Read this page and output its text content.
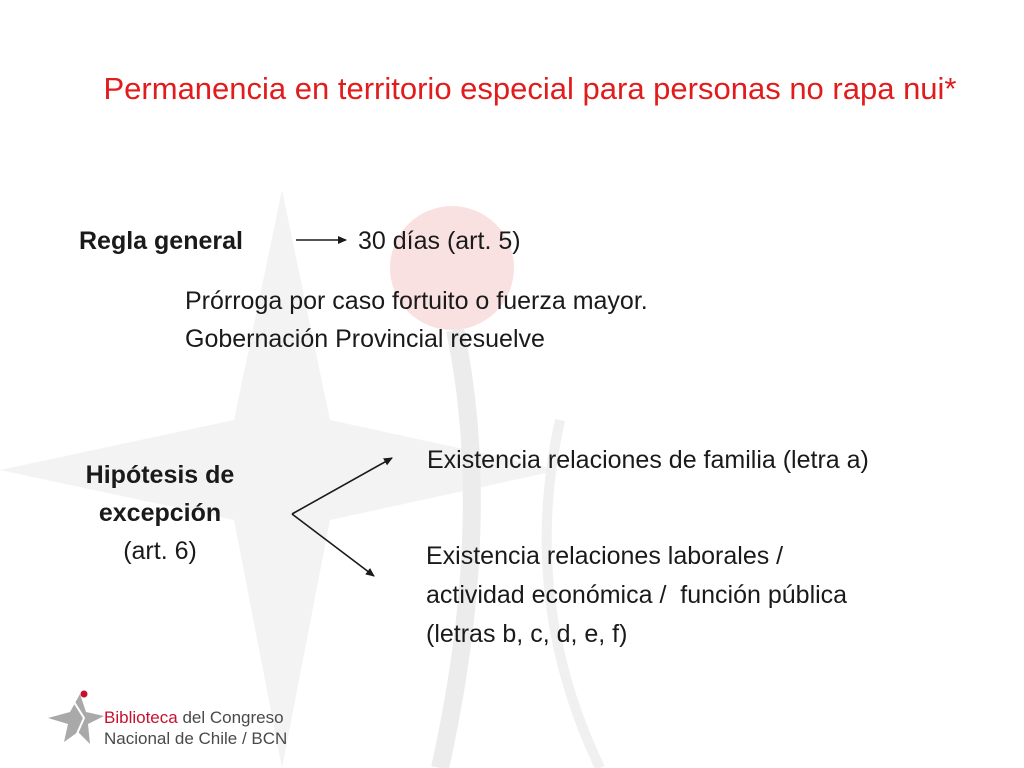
Permanencia en territorio especial para personas no rapa nui*
Regla general	30 días (art. 5)
Prórroga por caso fortuito o fuerza mayor.
Gobernación Provincial resuelve
Hipótesis de
excepción
(art. 6)
Existencia relaciones de familia (letra a)
Existencia relaciones laborales /
actividad económica /  función pública
(letras b, c, d, e, f)
Biblioteca del Congreso
Nacional de Chile / BCN
